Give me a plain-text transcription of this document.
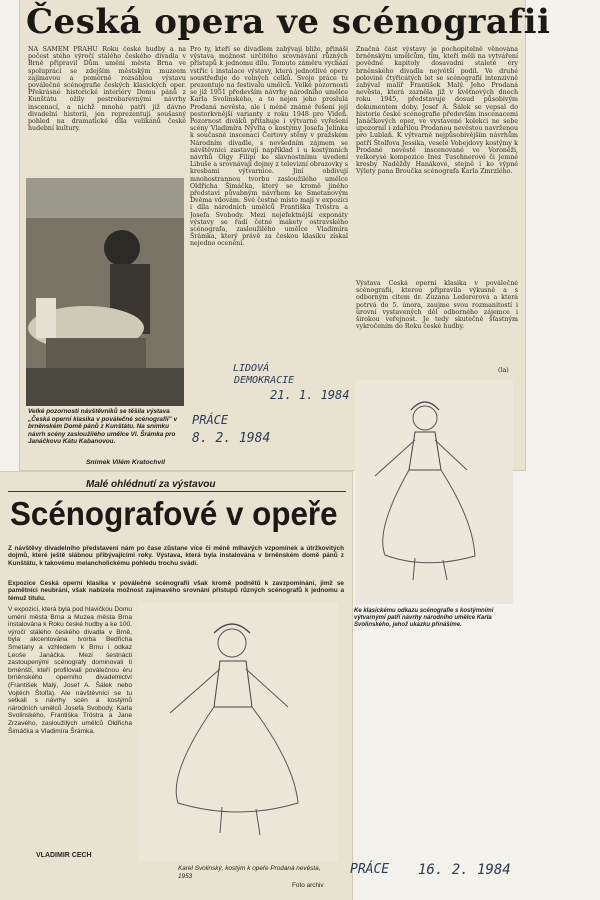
Česká opera ve scénografii
NA SAMÉM PRAHU Roku české hudby a na počest stého výročí stálého českého divadla v Brně připravil Dům umění města Brna ve spolupráci se zdejším městským muzeem zajímavou a poměrně rozsáhlou výstavu poválečné scénografie českých klasických oper. Překrásné historické interiéry Domu pánů z Kunštátu ožily pestrobarevnými návrhy inscenací, a nichž mnohé patří již dávno divadelní historii, jen reprezentují soušasný pohled na dramatické díla velikánů české hudební kultury.
Velké pozornosti návštěvníků se těšila výstava „Česká operní klasika v poválečné scénografii" v brněnském Domě pánů z Kunštátu. Na snímku návrh scény zasloužilého umělce Vl. Šrámka pro Janáčkovu Kátu Kabanovou.
Snímek Vilém Kratochvíl
Pro ty, kteří se divadlem zabývají blíže, přináší výstava možnost určitého srovnávání různých přístupů k jednomu dílu. Tomuto záměru vychází vstříc i instalace výstavy, která jednotlivé opery soustřeďuje do volných celků. Svoje práce tu prezentuje na festivalu umělců. Velké pozornosti se již 1951 především návrhy národního umělce Karla Svolinského, a to nejen jeho proslulá Prodaná nevěsta, ale i méně známé řešení její pestorkvnější varianty z roku 1948 pro Vídeň. Pozornost diváků přitahuje i výtvarné vyřešení scény Vladimíra Nývlta o kostýmy Josefa Jelínka k současné inscenaci Čertovy stěny v pražském Národním divadle, s nevšedním zájmem se návštěvníci zastavují například i u kostýmních návrhů Olgy Filipi ke slavnostnímu uvedení Libuše a srovnávají dojmy z televizní obrazovky s kresbami výtvarnice. Jiní obdivují mnohostrannou tvorbu zasloužilého umělce Oldřicha Šimáčka, který se kromě jiného představí půvabným návrhem ke Smetanovým Dvěma vdovám. Své čestné místo mají v expozici i díla národních umělců Františka Tröstra a Josefa Svobody. Mezi nejefektnější exponáty výstavy se řadí četné makety ostravského scénografa, zasloužilého umělce Vladimíra Šrámka, který právě za českou klasiku získal nejedno ocenění.
Značná část výstavy je pochopitelně věnována brněnským umělcům, tím, kteří měli na vytváření povědné kapitoly dosavadní staleté éry brněnského divadla největší podíl. Ve druhé polovině čtyřicátých let se scénografií intenzivně zabýval malíř František Malý. Jeho Prodaná nevěsta, která zazněla již v květnových dnech roku 1945, představuje dosud působivým dokumentem doby. Josef A. Šálek se vepsal do historie české scénografie především inscenacemi Janáčkových oper, ve vystavené kolekci ne sebe upozornil i zdařilou Prodanou nevěstou navrženou pro Lublaň. K výtvarně nejpůsobivějším návrhům patří Štolfova Jessika, veselé Vobejdovy kostýmy k Prodané nevěstě inscenované ve Voroněži, velkorysé kompozice Inez Tuschnerové či jemné kresby Naděždy Hanákové, stejně i ko výpné Výlety pana Broučka scénografa Karla Zmrzlého.
Výstava Česká operní klasika v poválečné scénografii, kterou připravila výkusně a s odborným citem dr. Zuzana Ledererová a která potrvá do 5. února, zaujme svou rozmanitostí i úrovní vystavených děl odborného zájemce i širokou veřejnost. Je tedy skutečně šťastným vykročením do Roku české hudby.
(la)
LIDOVÁ
DEMOKRACIE
21. 1. 1984
PRÁCE
8. 2. 1984
Ke klasickému odkazu scénografie s kostýmními výtvarnými patří návrhy národního umělce Karla Svolinského, jehož ukázku přinášíme.
Malé ohlédnutí za výstavou
Scénografové v opeře
Z návštěvy divadelního představení nám po čase zůstane více či méně mlhavých vzpomínek a útržkovitých dojmů, které ještě slábnou přibývajícími roky. Výstava, která byla instalována v brněnském domě pánů z Kunštátu, k takovému melancholickému pohledu trochu svádí.
Expozice Česká operní klasika v poválečné scénografii však kromě podnětů k zavzpomínání, jimž se pamětníci neubrání, však nabízela možnost zajímavého srovnání přístupů různých scénografů k jednomu a témuž titulu.
V expozici, která byla pod hlavičkou Domu umění města Brna a Muzea města Brna instalována k Roku české hudby a ke 100. výročí stálého českého divadla v Brně, byla akcentována tvorba Bedřicha Smetany a vzhledem k Brnu i odkaz Leoše Janáčka. Mezi šestnácti zastoupenými scénografy dominovali ti brněnští, kteří profilovali poválečnou éru brněnského operního divadelnictví (František Malý, Josef A. Šálek nebo Vojtěch Štolfa). Ale návštěvníci se tu setkali s návrhy scén a kostýmů národních umělců Josefa Svobody, Karla Svolinského, Františka Tröstra a Jane Zrzavého, zasloužilých umělců Oldřicha Šimáčka a Vladimíra Šrámka.
VLADIMÍR ČECH
Karel Svolinský, kostým k opeře Prodaná nevěsta, 1953
Foto archiv
PRÁCE 16. 2. 1984
